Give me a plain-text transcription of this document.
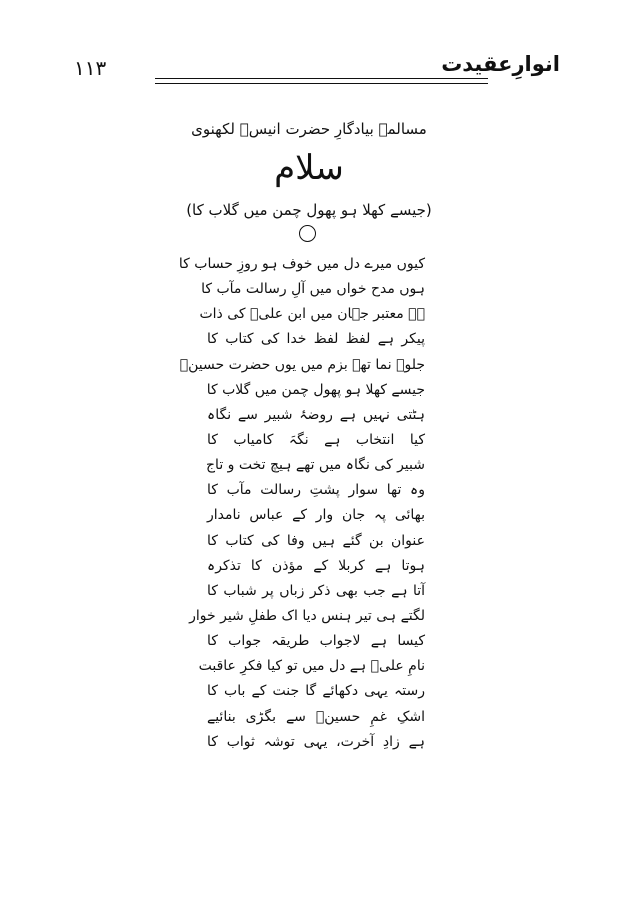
۱۱۳	انوارِعقیدت
مسالمہ بیادگارِ حضرت انیسؔ لکھنوی
سلام
(جیسے کھلا ہو پھول چمن میں گلاب کا)
کیوں میرے دل میں خوف ہو روزِ حساب کا
ہوں مدح خواں میں آلِ رسالت مآب کا
ہے معتبر جہان میں ابن علیؑ کی ذات
پیکر ہے لفظ لفظ خدا کی کتاب کا
جلوہ نما تھے بزم میں یوں حضرت حسینؑ
جیسے کھلا ہو پھول چمن میں گلاب کا
ہٹتی نہیں ہے روضۂ شبیر سے نگاہ
کیا انتخاب ہے نگہَ کامیاب کا
شبیر کی نگاہ میں تھے ہیچ تخت و تاج
وہ تھا سوار پشتِ رسالت مآب کا
بھائی پہ جان وار کے عباس نامدار
عنوان بن گئے ہیں وفا کی کتاب کا
ہوتا ہے کربلا کے مؤذن کا تذکرہ
آتا ہے جب بھی ذکر زباں پر شباب کا
لگتے ہی تیر ہنس دیا اک طفلِ شیر خوار
کیسا ہے لاجواب طریقہ جواب کا
نامِ علیؑ ہے دل میں تو کیا فکرِ عاقبت
رستہ یہی دکھائے گا جنت کے باب کا
اشکِ غمِ حسینؑ سے بگڑی بنائیے
ہے زادِ آخرت، یہی توشہ ثواب کا
